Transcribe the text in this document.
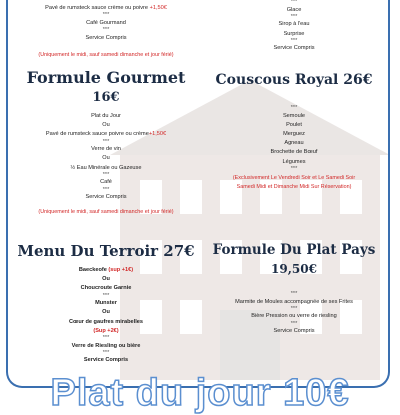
Pavé de rumsteck sauce crème ou poivre +1,50€
***
Café Gourmand
***
Service Compris
(Uniquement le midi, sauf samedi dimanche et jour férié)
***
Glace
***
Sirop à l'eau
Surprise
***
Service Compris
Formule Gourmet
16€
Plat du Jour
Ou
Pavé de rumsteck sauce poivre ou crème+1,50€
***
Verre de vin
Ou
½ Eau Minérale ou Gazeuse
***
Café
***
Service Compris
(Uniquement le midi, sauf samedi dimanche et jour férié)
Couscous Royal 26€
***
Semoule
Poulet
Merguez
Agneau
Brochette de Bœuf
Légumes
***
(Exclusivement Le Vendredi Soir et Le Samedi Soir
Samedi Midi et Dimanche Midi Sur Réservation)
Menu Du Terroir 27€
Baeckeofe (sup +1€)
Ou
Choucroute Garnie
***
Munster
Ou
Cœur de gaufres mirabelles
(Sup +2€)
***
Verre de Riesling ou bière
***
Service Compris
Formule Du Plat Pays
19,50€
***
Marmite de Moules accompagnée de ses Frites
***
Bière Pression ou verre de riesling
***
Service Compris
Plat du jour 10€
